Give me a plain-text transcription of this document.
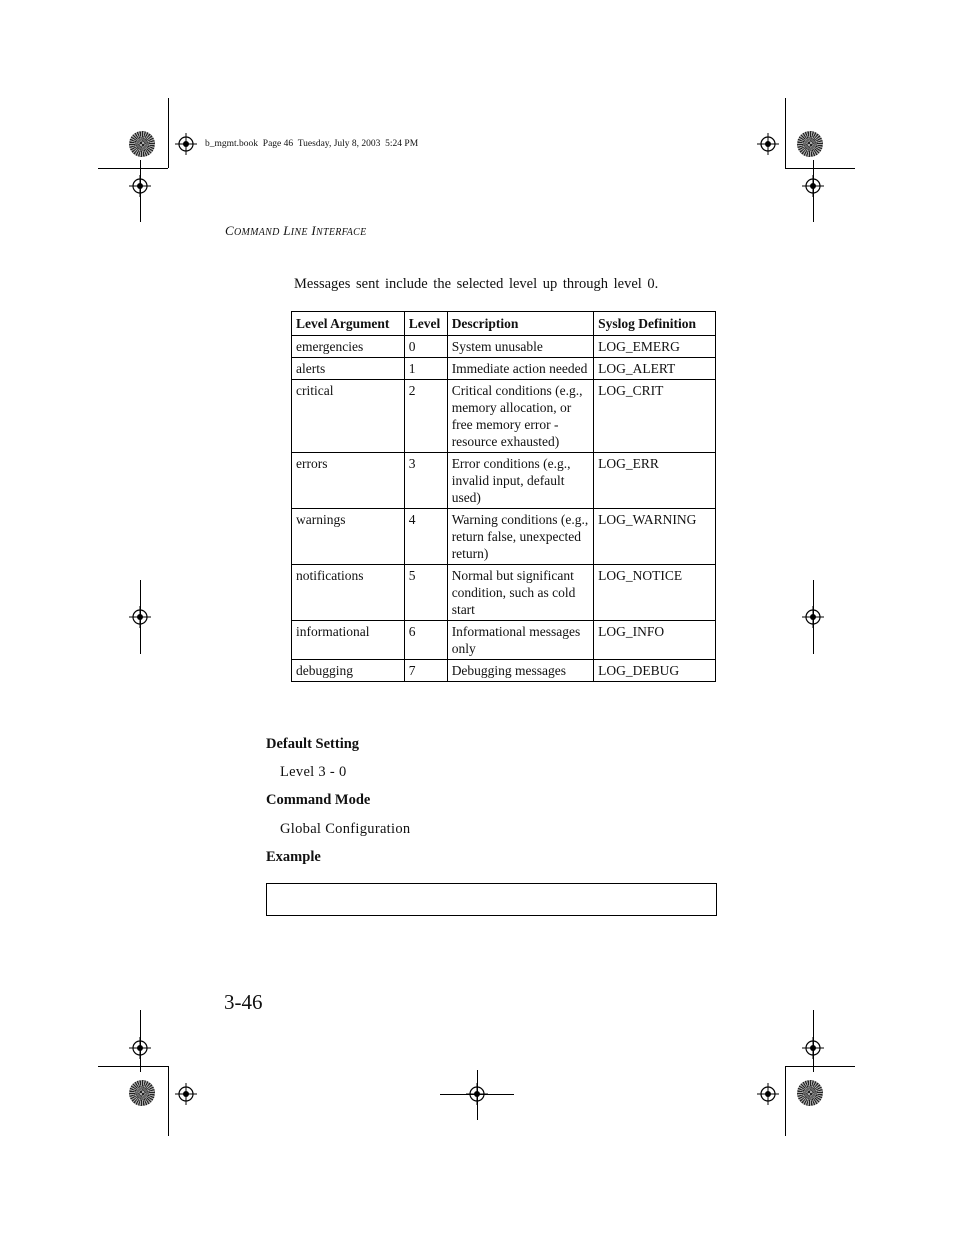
b_mgmt.book  Page 46  Tuesday, July 8, 2003  5:24 PM
COMMAND LINE INTERFACE
Messages sent include the selected level up through level 0.
Level Argument	Level	Description	Syslog Definition
emergencies	0	System unusable	LOG_EMERG
alerts	1	Immediate action needed	LOG_ALERT
critical	2	Critical conditions (e.g., memory allocation, or free memory error - resource exhausted)	LOG_CRIT
errors	3	Error conditions (e.g., invalid input, default used)	LOG_ERR
warnings	4	Warning conditions (e.g., return false, unexpected return)	LOG_WARNING
notifications	5	Normal but significant condition, such as cold start	LOG_NOTICE
informational	6	Informational messages only	LOG_INFO
debugging	7	Debugging messages	LOG_DEBUG
Default Setting
Level 3 - 0
Command Mode
Global Configuration
Example
3-46
